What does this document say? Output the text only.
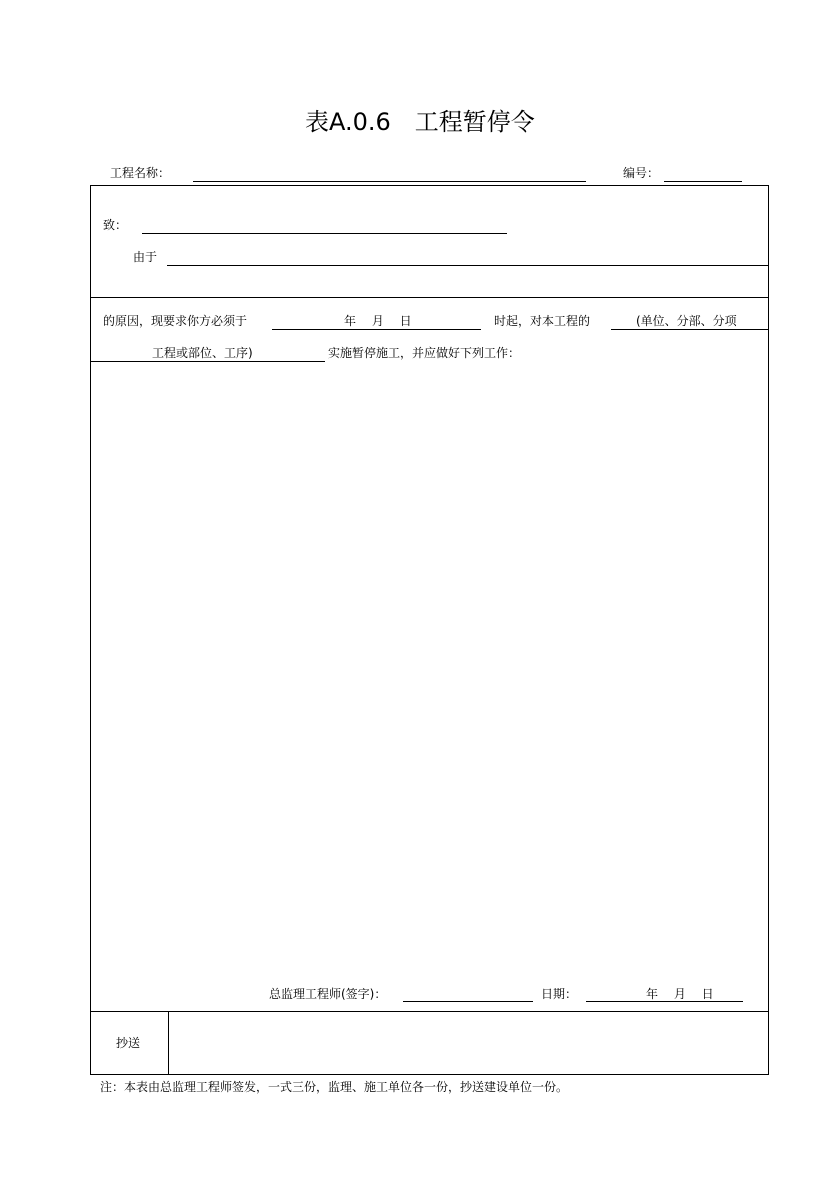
表A.0.6　工程暂停令
工程名称：	编号：
致：
由于
的原因，现要求你方必须于	年　 月　 日	时起，对本工程的	(单位、分部、分项
工程或部位、工序)	实施暂停施工，并应做好下列工作：
总监理工程师(签字)：	日期：	年　 月　 日
抄送
注：本表由总监理工程师签发，一式三份，监理、施工单位各一份，抄送建设单位一份。
